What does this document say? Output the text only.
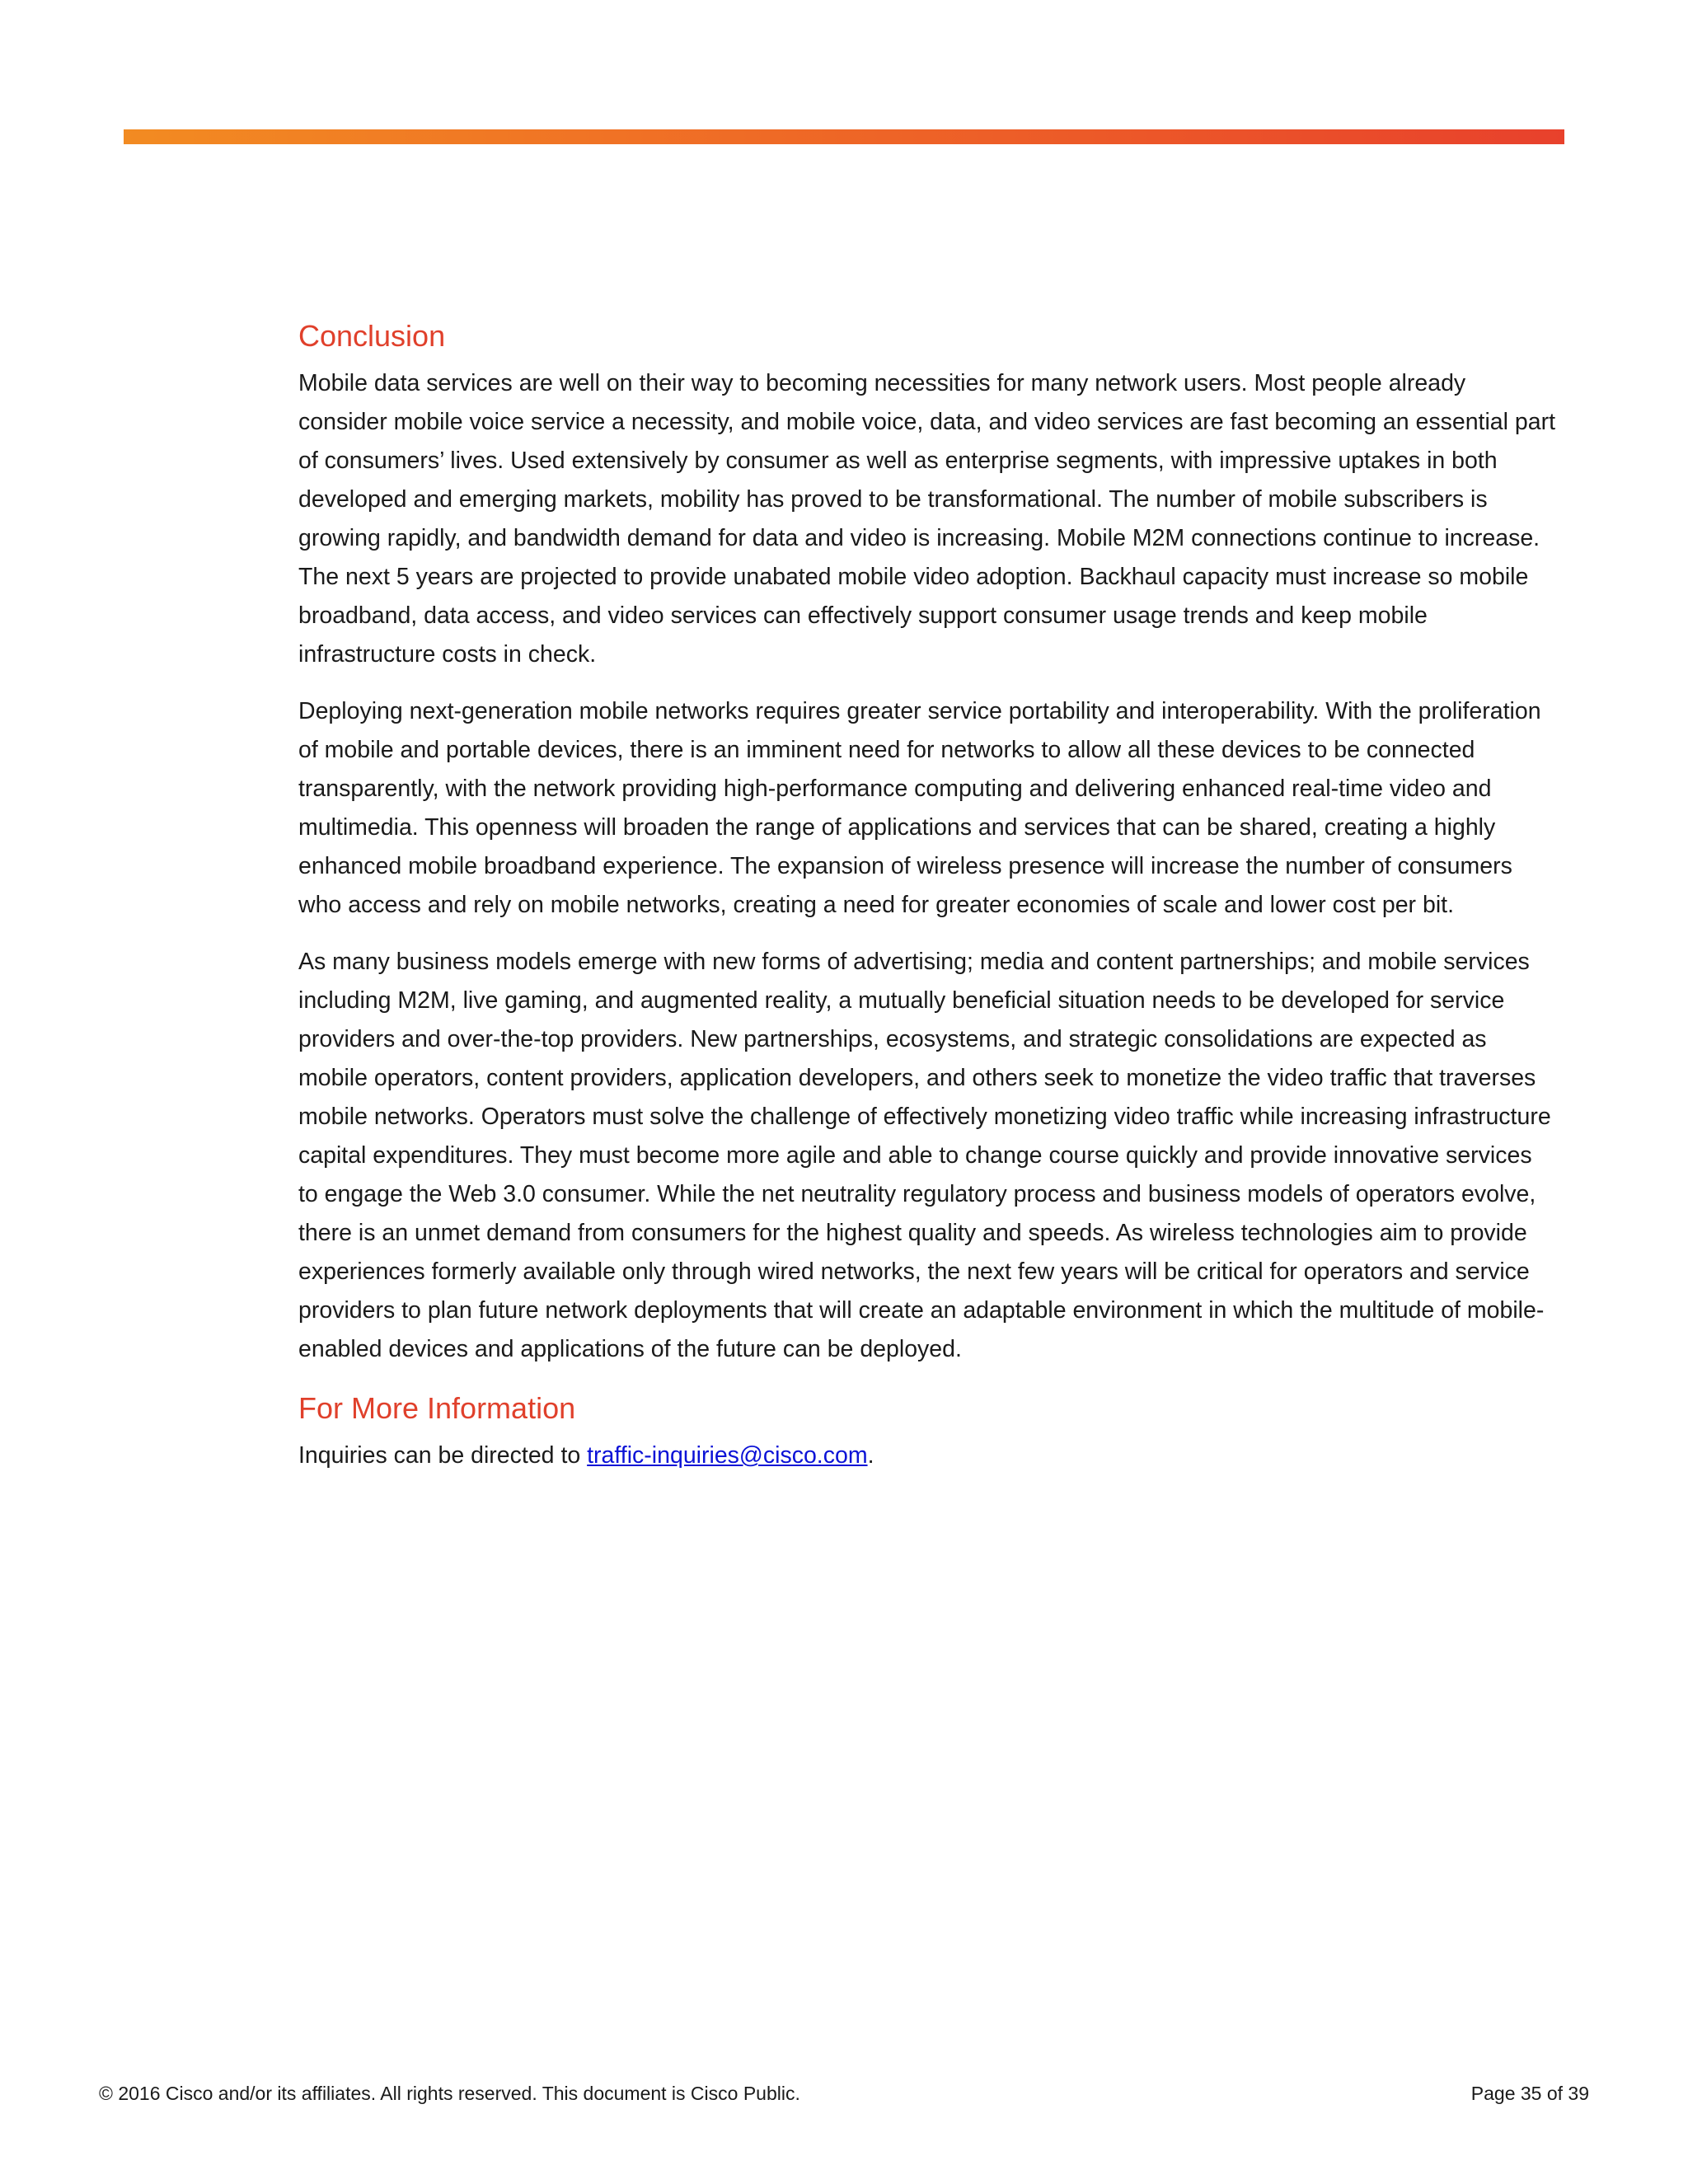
Conclusion

Mobile data services are well on their way to becoming necessities for many network users. Most people already consider mobile voice service a necessity, and mobile voice, data, and video services are fast becoming an essential part of consumers’ lives. Used extensively by consumer as well as enterprise segments, with impressive uptakes in both developed and emerging markets, mobility has proved to be transformational. The number of mobile subscribers is growing rapidly, and bandwidth demand for data and video is increasing. Mobile M2M connections continue to increase. The next 5 years are projected to provide unabated mobile video adoption. Backhaul capacity must increase so mobile broadband, data access, and video services can effectively support consumer usage trends and keep mobile infrastructure costs in check.

Deploying next-generation mobile networks requires greater service portability and interoperability. With the proliferation of mobile and portable devices, there is an imminent need for networks to allow all these devices to be connected transparently, with the network providing high-performance computing and delivering enhanced real-time video and multimedia. This openness will broaden the range of applications and services that can be shared, creating a highly enhanced mobile broadband experience. The expansion of wireless presence will increase the number of consumers who access and rely on mobile networks, creating a need for greater economies of scale and lower cost per bit.

As many business models emerge with new forms of advertising; media and content partnerships; and mobile services including M2M, live gaming, and augmented reality, a mutually beneficial situation needs to be developed for service providers and over-the-top providers. New partnerships, ecosystems, and strategic consolidations are expected as mobile operators, content providers, application developers, and others seek to monetize the video traffic that traverses mobile networks. Operators must solve the challenge of effectively monetizing video traffic while increasing infrastructure capital expenditures. They must become more agile and able to change course quickly and provide innovative services to engage the Web 3.0 consumer. While the net neutrality regulatory process and business models of operators evolve, there is an unmet demand from consumers for the highest quality and speeds. As wireless technologies aim to provide experiences formerly available only through wired networks, the next few years will be critical for operators and service providers to plan future network deployments that will create an adaptable environment in which the multitude of mobile-enabled devices and applications of the future can be deployed.

For More Information

Inquiries can be directed to traffic-inquiries@cisco.com.

© 2016 Cisco and/or its affiliates. All rights reserved. This document is Cisco Public.	Page 35 of 39
